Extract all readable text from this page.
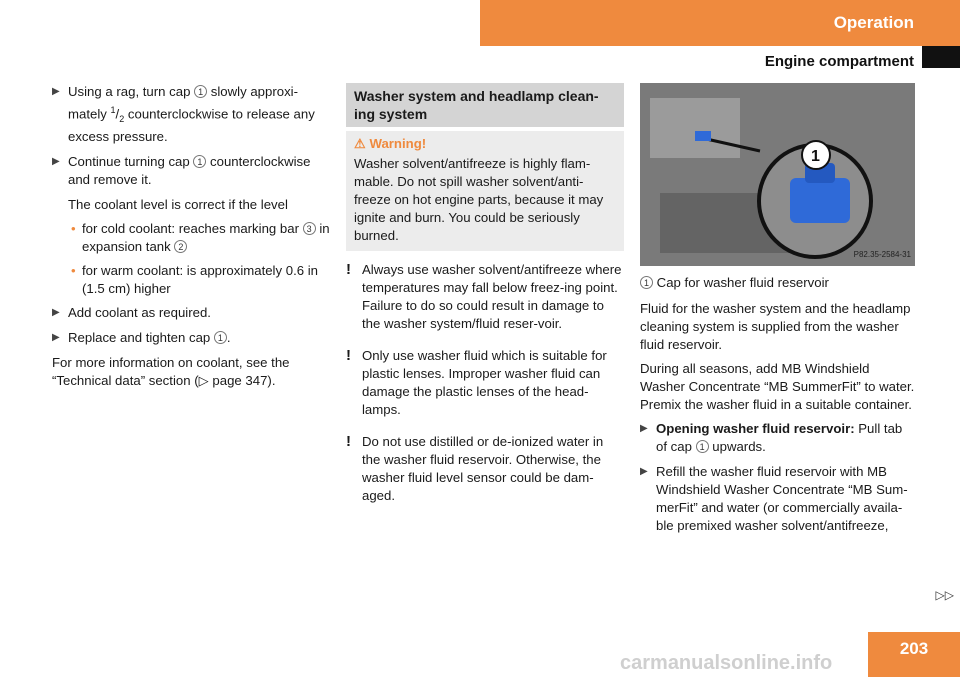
Operation
Engine compartment
▶ Using a rag, turn cap 1 slowly approxi- mately $^1/_2$ counterclockwise to release any excess pressure.
▶ Continue turning cap 1 counterclockwise and remove it.
The coolant level is correct if the level
• for cold coolant: reaches marking bar 3 in expansion tank 2
• for warm coolant: is approximately 0.6 in (1.5 cm) higher
▶ Add coolant as required.
▶ Replace and tighten cap 1 .
For more information on coolant, see the “Technical data” section (▷ page 347).
Washer system and headlamp clean-ing system
⚠ Warning!
Washer solvent/antifreeze is highly flam-mable. Do not spill washer solvent/anti-freeze on hot engine parts, because it may ignite and burn. You could be seriously burned.
! Always use washer solvent/antifreeze where temperatures may fall below freez-ing point. Failure to do so could result in damage to the washer system/fluid reser-voir.
! Only use washer fluid which is suitable for plastic lenses. Improper washer fluid can damage the plastic lenses of the head-lamps.
! Do not use distilled or de-ionized water in the washer fluid reservoir. Otherwise, the washer fluid level sensor could be dam-aged.
1
P82.35-2584-31
1 Cap for washer fluid reservoir
Fluid for the washer system and the headlamp cleaning system is supplied from the washer fluid reservoir.
During all seasons, add MB Windshield Washer Concentrate “MB SummerFit” to water. Premix the washer fluid in a suitable container.
▶ Opening washer fluid reservoir: Pull tab of cap 1 upwards.
▶ Refill the washer fluid reservoir with MB Windshield Washer Concentrate “MB Sum-merFit” and water (or commercially availa-ble premixed washer solvent/antifreeze,
▷▷
carmanualsonline.info
203
